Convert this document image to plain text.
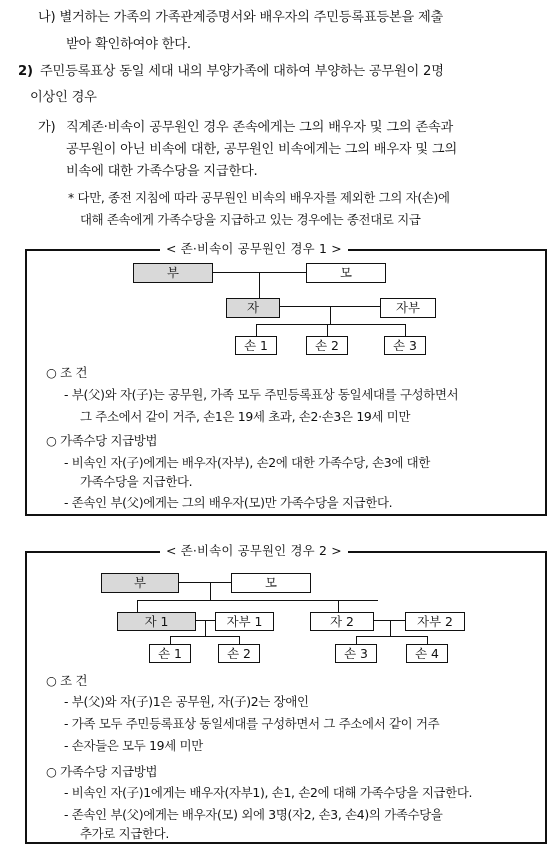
나) 별거하는 가족의 가족관계증명서와 배우자의 주민등록표등본을 제출
받아 확인하여야 한다.
2) 주민등록표상 동일 세대 내의 부양가족에 대하여 부양하는 공무원이 2명
이상인 경우
가) 직계존·비속이 공무원인 경우 존속에게는 그의 배우자 및 그의 존속과
공무원이 아닌 비속에 대한, 공무원인 비속에게는 그의 배우자 및 그의
비속에 대한 가족수당을 지급한다.
* 다만, 종전 지침에 따라 공무원인 비속의 배우자를 제외한 그의 자(손)에
대해 존속에게 가족수당을 지급하고 있는 경우에는 종전대로 지급
< 존·비속이 공무원인 경우 1 >
부	모
자	자부
손 1	손 2	손 3
○ 조 건
- 부(父)와 자(子)는 공무원, 가족 모두 주민등록표상 동일세대를 구성하면서
그 주소에서 같이 거주, 손1은 19세 초과, 손2·손3은 19세 미만
○ 가족수당 지급방법
- 비속인 자(子)에게는 배우자(자부), 손2에 대한 가족수당, 손3에 대한
가족수당을 지급한다.
- 존속인 부(父)에게는 그의 배우자(모)만 가족수당을 지급한다.
< 존·비속이 공무원인 경우 2 >
부	모
자 1	자부 1	자 2	자부 2
손 1	손 2	손 3	손 4
○ 조 건
- 부(父)와 자(子)1은 공무원, 자(子)2는 장애인
- 가족 모두 주민등록표상 동일세대를 구성하면서 그 주소에서 같이 거주
- 손자들은 모두 19세 미만
○ 가족수당 지급방법
- 비속인 자(子)1에게는 배우자(자부1), 손1, 손2에 대해 가족수당을 지급한다.
- 존속인 부(父)에게는 배우자(모) 외에 3명(자2, 손3, 손4)의 가족수당을
추가로 지급한다.
